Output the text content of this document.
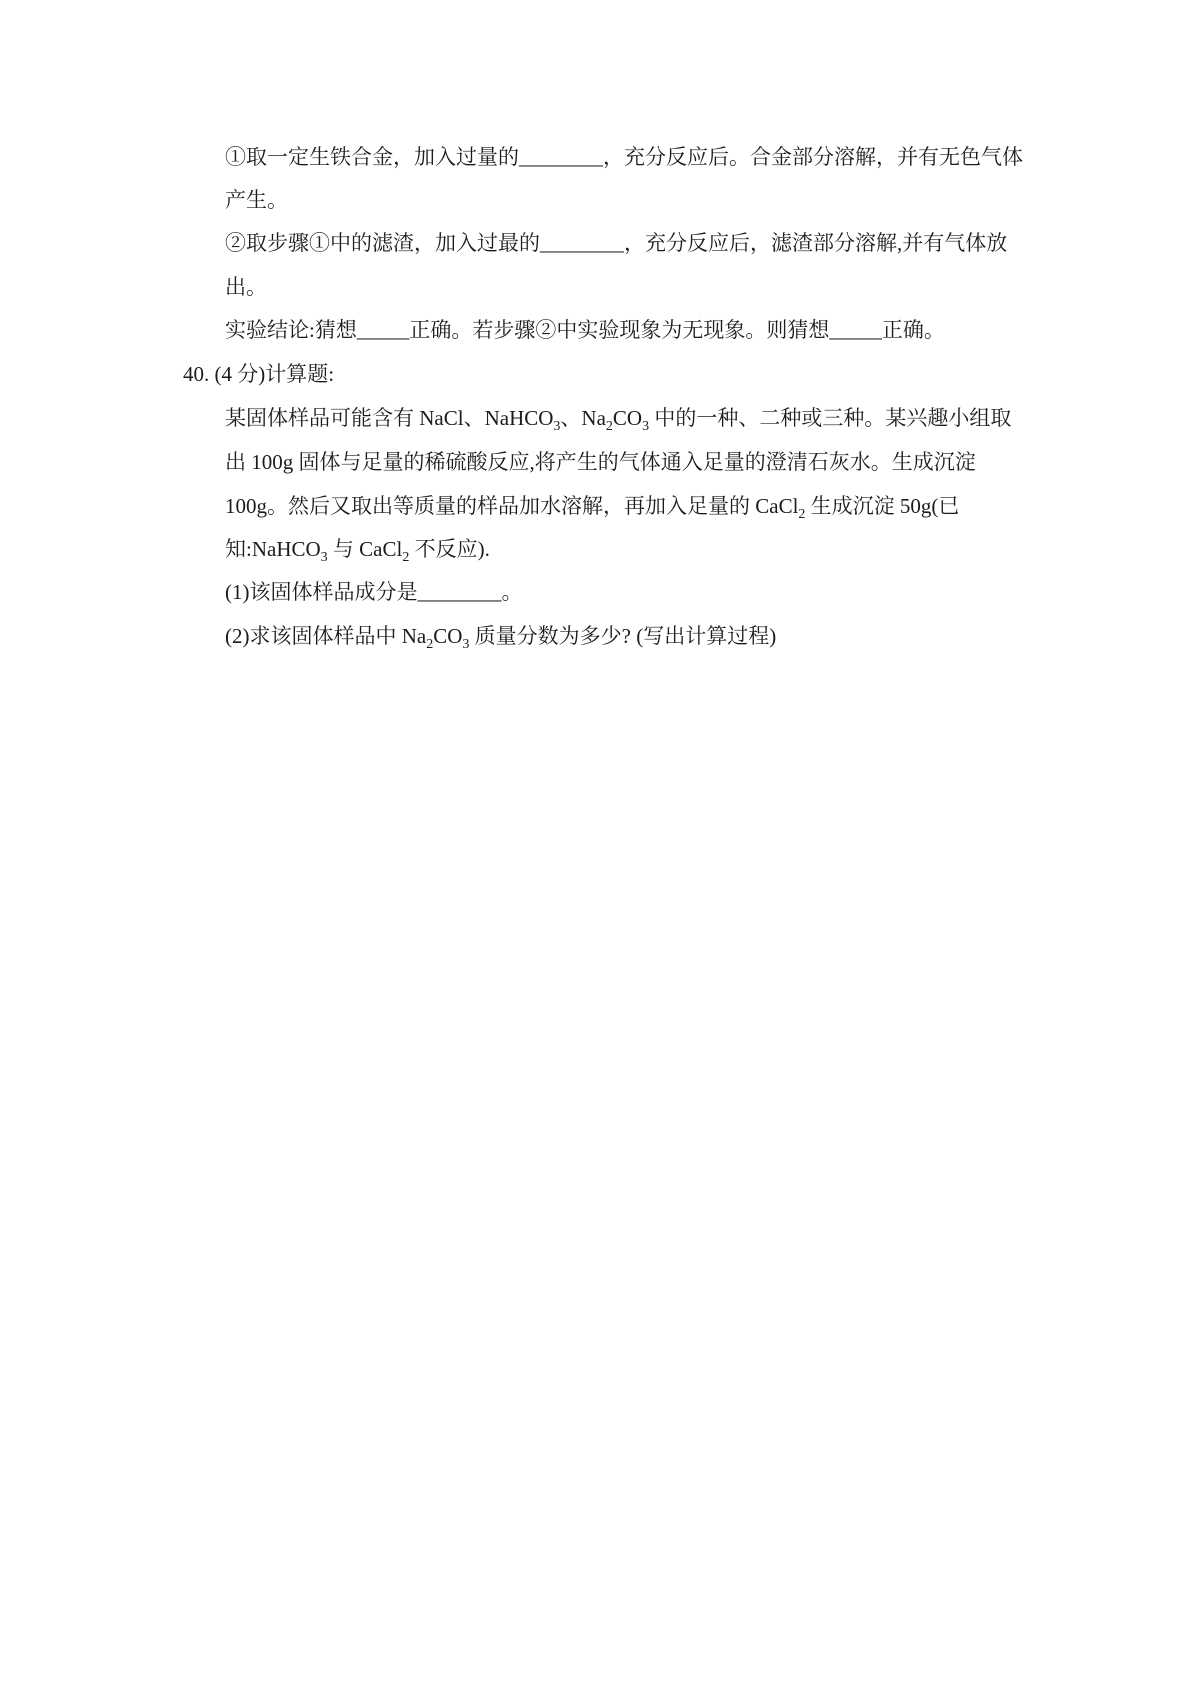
①取一定生铁合金，加入过量的________，充分反应后。合金部分溶解，并有无色气体
产生。
②取步骤①中的滤渣，加入过最的________，充分反应后，滤渣部分溶解,并有气体放
出。
实验结论:猜想_____正确。若步骤②中实验现象为无现象。则猜想_____正确。
40. (4 分)计算题:
某固体样品可能含有 NaCl、NaHCO$_3$、$Na_2CO_3$ 中的一种、二种或三种。某兴趣小组取
出 100g 固体与足量的稀硫酸反应,将产生的气体通入足量的澄清石灰水。生成沉淀
100g。然后又取出等质量的样品加水溶解，再加入足量的 CaCl$_2$ 生成沉淀 50g(已
知:NaHCO$_3$ 与 CaCl$_2$ 不反应).
(1)该固体样品成分是________。
(2)求该固体样品中 $Na_2CO_3$ 质量分数为多少? (写出计算过程)
